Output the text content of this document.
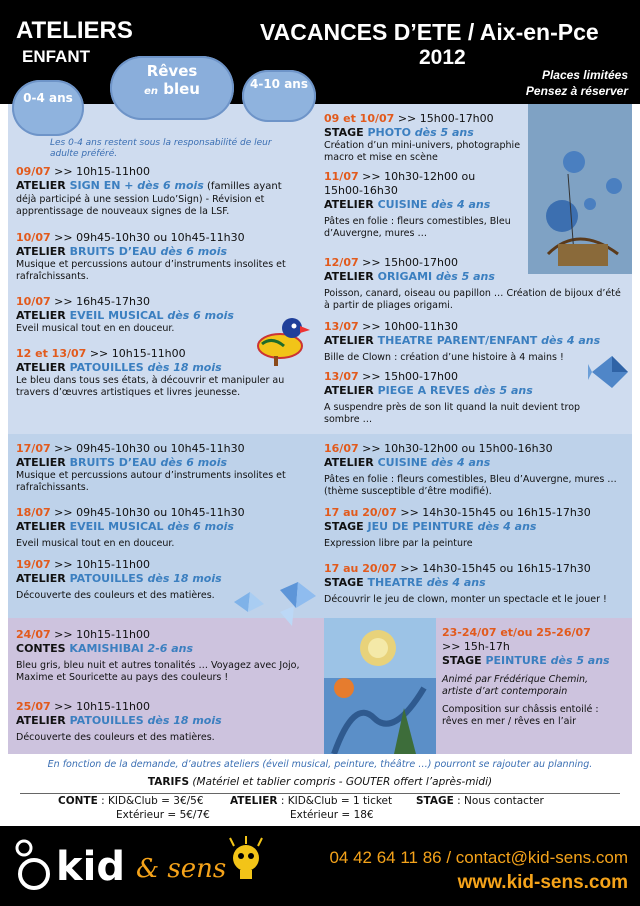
ATELIERS
ENFANT
VACANCES D’ETE / Aix-en-Pce
2012
Places limitées
Pensez à réserver
0-4 ans
Rêves
en bleu	4-10 ans
Les 0-4 ans restent sous la responsabilité de leur adulte préféré.
09/07 >> 10h15-11h00
ATELIER SIGN EN + dès 6 mois (familles ayant
déjà participé à une session Ludo’Sign) - Révision et apprentissage de nouveaux signes de la LSF.
10/07 >> 09h45-10h30 ou 10h45-11h30
ATELIER BRUITS D’EAU dès 6 mois
Musique et percussions autour d’instruments insolites et rafraîchissants.
10/07 >> 16h45-17h30
ATELIER EVEIL MUSICAL dès 6 mois
Eveil musical tout en en douceur.
12 et 13/07 >> 10h15-11h00
ATELIER PATOUILLES dès 18 mois
Le bleu dans tous ses états, à découvrir et manipuler au travers d’œuvres artistiques et livres jeunesse.
09 et 10/07 >> 15h00-17h00
STAGE PHOTO dès 5 ans
Création d’un mini-univers, photographie macro et mise en scène
11/07 >> 10h30-12h00 ou
15h00-16h30
ATELIER CUISINE dès 4 ans
Pâtes en folie : fleurs comestibles, Bleu d’Auvergne, mures …
12/07 >> 15h00-17h00
ATELIER ORIGAMI dès 5 ans
Poisson, canard, oiseau ou papillon … Création de bijoux d’été à partir de pliages origami.
13/07 >> 10h00-11h30
ATELIER THEATRE PARENT/ENFANT dès 4 ans
Bille de Clown : création d’une histoire à 4 mains !
13/07 >> 15h00-17h00
ATELIER PIEGE A REVES dès 5 ans
A suspendre près de son lit quand la nuit devient trop sombre …
17/07 >> 09h45-10h30 ou 10h45-11h30
ATELIER BRUITS D’EAU dès 6 mois
Musique et percussions autour d’instruments insolites et rafraîchissants.
18/07 >> 09h45-10h30 ou 10h45-11h30
ATELIER EVEIL MUSICAL dès 6 mois
Eveil musical tout en en douceur.
19/07 >> 10h15-11h00
ATELIER PATOUILLES dès 18 mois
Découverte des couleurs et des matières.
16/07 >> 10h30-12h00 ou 15h00-16h30
ATELIER CUISINE dès 4 ans
Pâtes en folie : fleurs comestibles, Bleu d’Auvergne, mures … (thème susceptible d’être modifié).
17 au 20/07 >> 14h30-15h45 ou 16h15-17h30
STAGE JEU DE PEINTURE dès 4 ans
Expression libre par la peinture
17 au 20/07 >> 14h30-15h45 ou 16h15-17h30
STAGE THEATRE dès 4 ans
Découvrir le jeu de clown, monter un spectacle et le jouer !
24/07 >> 10h15-11h00
CONTES KAMISHIBAI 2-6 ans
Bleu gris, bleu nuit et autres tonalités … Voyagez avec Jojo, Maxime et Souricette au pays des couleurs !
25/07 >> 10h15-11h00
ATELIER PATOUILLES dès 18 mois
Découverte des couleurs et des matières.
23-24/07 et/ou 25-26/07
>> 15h-17h
STAGE PEINTURE dès 5 ans
Animé par Frédérique Chemin,
artiste d’art contemporain
Composition sur châssis entoilé :
rêves en mer / rêves en l’air
En fonction de la demande, d’autres ateliers (éveil musical, peinture, théâtre …) pourront se rajouter au planning.
TARIFS (Matériel et tablier compris - GOUTER offert l’après-midi)
CONTE : KID&Club = 3€/5€	ATELIER : KID&Club = 1 ticket STAGE : Nous contacter
Extérieur = 5€/7€	Extérieur = 18€
kid & sens	04 42 64 11 86 / contact@kid-sens.com
www.kid-sens.com
